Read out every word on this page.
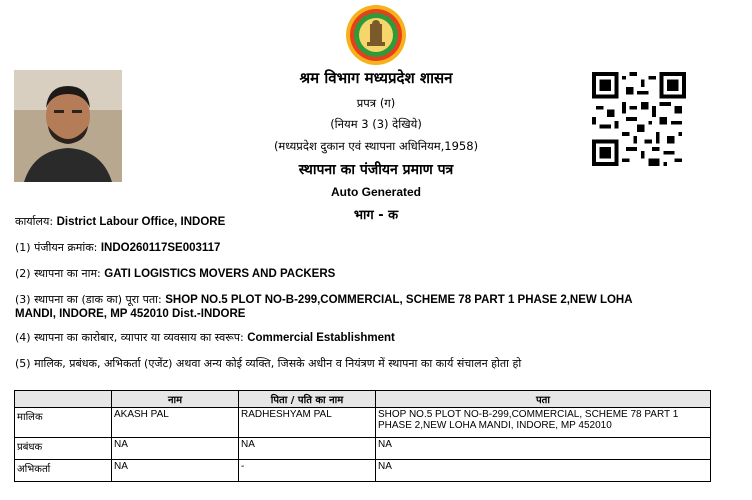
श्रम विभाग मध्यप्रदेश शासन
प्रपत्र (ग)
(नियम 3 (3) देखिये)
(मध्यप्रदेश दुकान एवं स्थापना अधिनियम,1958)
स्थापना का पंजीयन प्रमाण पत्र
Auto Generated
भाग - क
कार्यालय: District Labour Office, INDORE
(1) पंजीयन क्रमांक: INDO260117SE003117
(2) स्थापना का नाम: GATI LOGISTICS MOVERS AND PACKERS
(3) स्थापना का (डाक का) पूरा पता: SHOP NO.5 PLOT NO-B-299,COMMERCIAL, SCHEME 78 PART 1 PHASE 2,NEW LOHA
MANDI, INDORE, MP 452010 Dist.-INDORE
(4) स्थापना का कारोबार, व्यापार या व्यवसाय का स्वरूप: Commercial Establishment
(5) मालिक, प्रबंधक, अभिकर्ता (एजेंट) अथवा अन्य कोई व्यक्ति, जिसके अधीन व नियंत्रण में स्थापना का कार्य संचालन होता हो
	नाम	पिता / पति का नाम	पता
मालिक	AKASH PAL	RADHESHYAM PAL	SHOP NO.5 PLOT NO-B-299,COMMERCIAL, SCHEME 78 PART 1 PHASE 2,NEW LOHA MANDI, INDORE, MP 452010
प्रबंधक	NA	NA	NA
अभिकर्ता	NA	-	NA
